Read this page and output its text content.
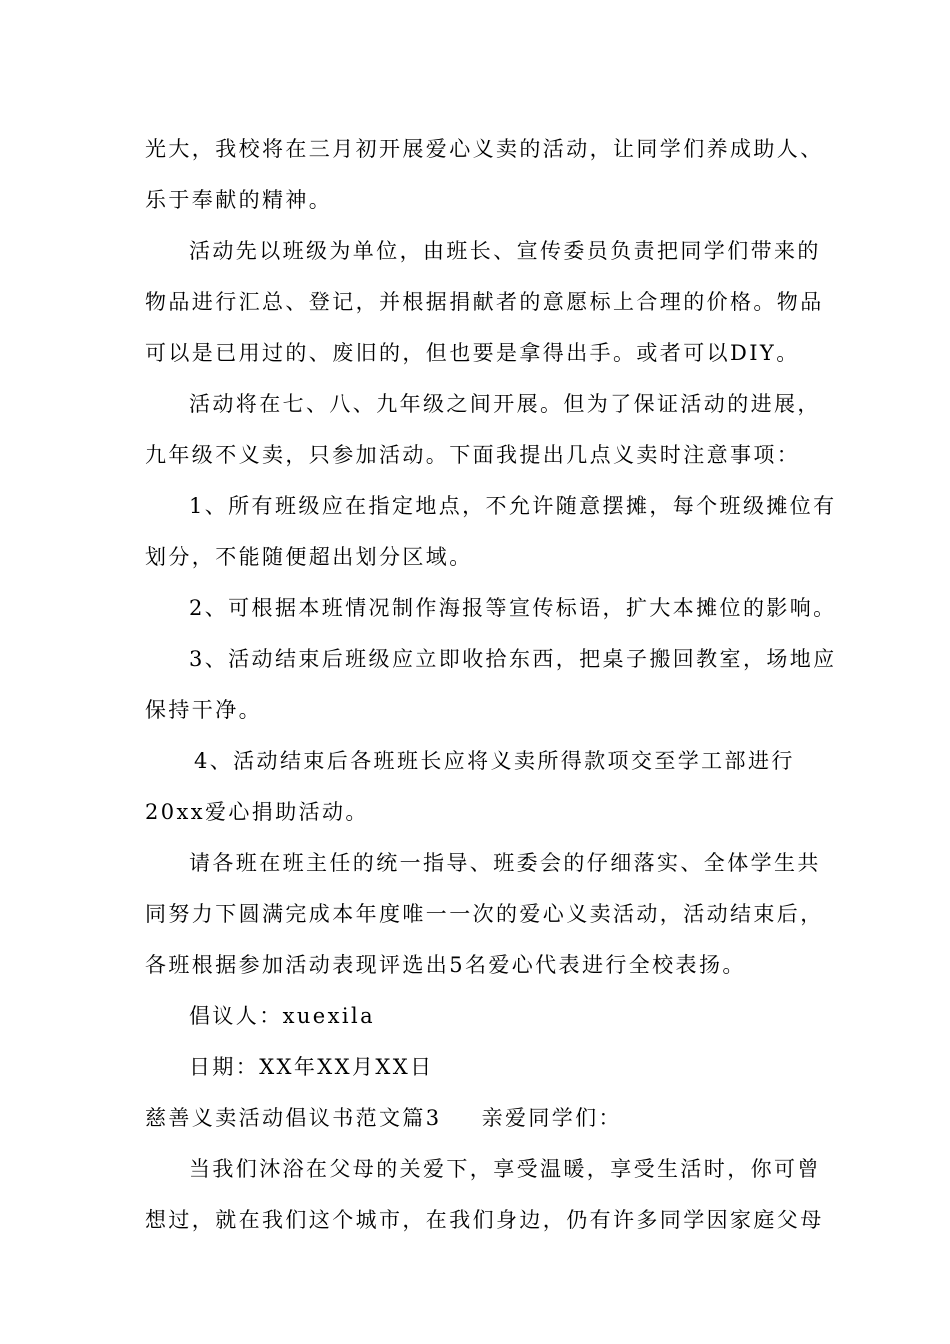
光大，我校将在三月初开展爱心义卖的活动，让同学们养成助人、
乐于奉献的精神。
活动先以班级为单位，由班长、宣传委员负责把同学们带来的
物品进行汇总、登记，并根据捐献者的意愿标上合理的价格。物品
可以是已用过的、废旧的，但也要是拿得出手。或者可以DIY。
活动将在七、八、九年级之间开展。但为了保证活动的进展，
九年级不义卖，只参加活动。下面我提出几点义卖时注意事项：
1、所有班级应在指定地点，不允许随意摆摊，每个班级摊位有
划分，不能随便超出划分区域。
2、可根据本班情况制作海报等宣传标语，扩大本摊位的影响。
3、活动结束后班级应立即收拾东西，把桌子搬回教室，场地应
保持干净。
4、活动结束后各班班长应将义卖所得款项交至学工部进行
20xx爱心捐助活动。
请各班在班主任的统一指导、班委会的仔细落实、全体学生共
同努力下圆满完成本年度唯一一次的爱心义卖活动，活动结束后，
各班根据参加活动表现评选出5名爱心代表进行全校表扬。
倡议人：xuexila
日期：XX年XX月XX日
慈善义卖活动倡议书范文篇3 亲爱同学们：
当我们沐浴在父母的关爱下，享受温暖，享受生活时，你可曾
想过，就在我们这个城市，在我们身边，仍有许多同学因家庭父母
